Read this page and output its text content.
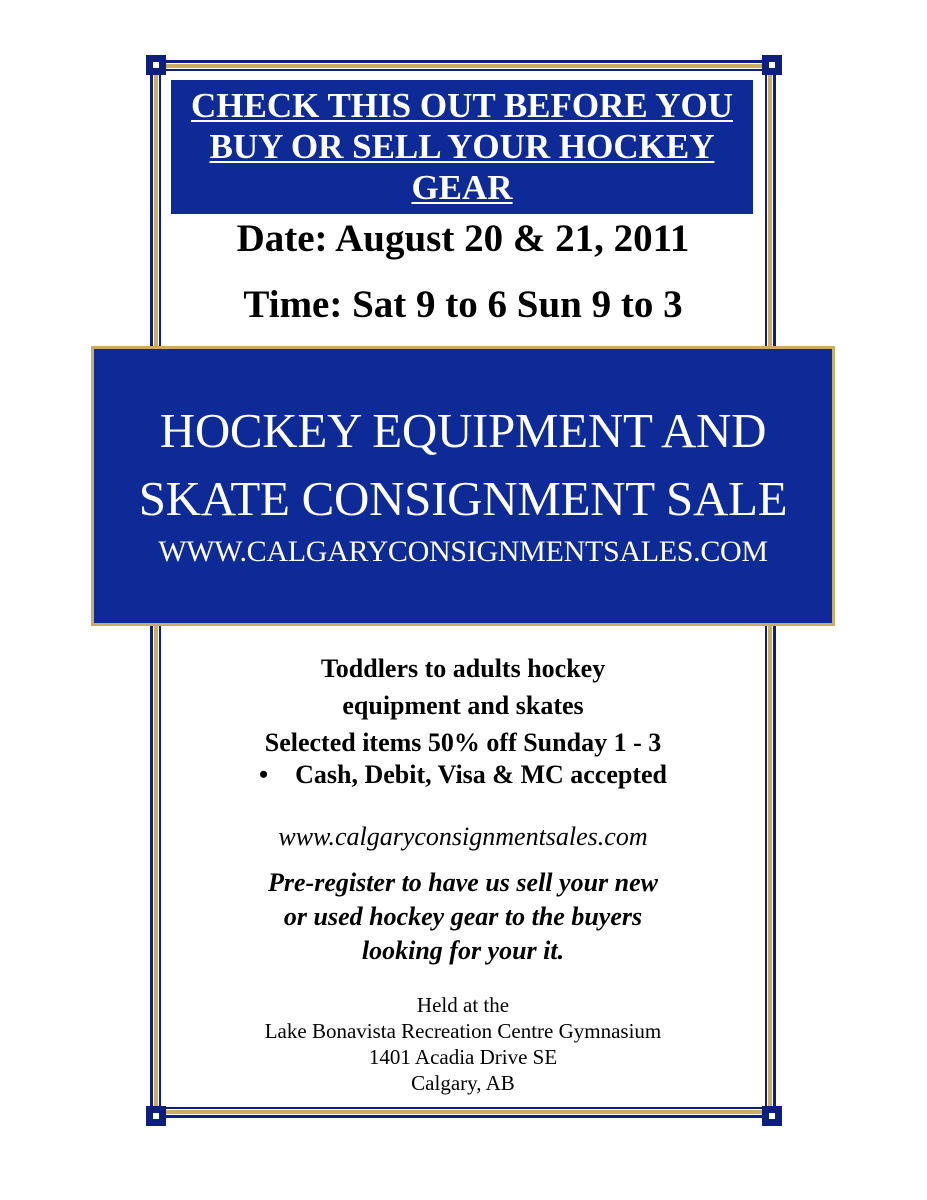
CHECK THIS OUT BEFORE YOU
BUY OR SELL YOUR HOCKEY
GEAR
Date: August 20 & 21, 2011
Time: Sat 9 to 6 Sun 9 to 3
HOCKEY EQUIPMENT AND
SKATE CONSIGNMENT SALE
WWW.CALGARYCONSIGNMENTSALES.COM
Toddlers to adults hockey
equipment and skates
Selected items 50% off Sunday 1 - 3
• Cash, Debit, Visa & MC accepted
www.calgaryconsignmentsales.com
Pre-register to have us sell your new
or used hockey gear to the buyers
looking for your it.
Held at the
Lake Bonavista Recreation Centre Gymnasium
1401 Acadia Drive SE
Calgary, AB
